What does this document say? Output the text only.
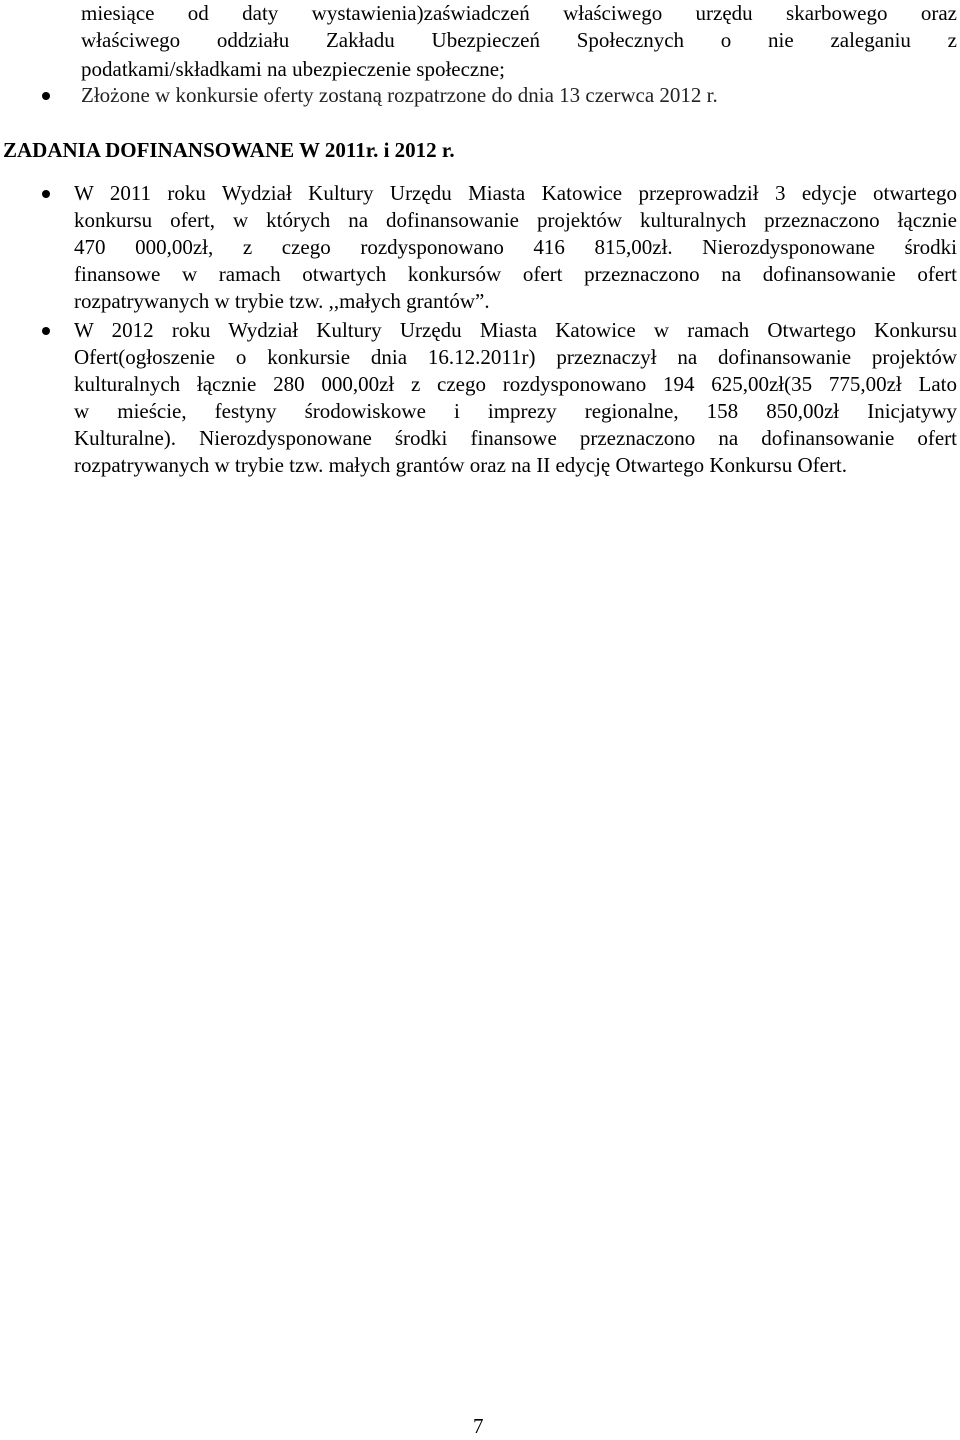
miesiące od daty wystawienia)zaświadczeń właściwego urzędu skarbowego oraz
właściwego oddziału Zakładu Ubezpieczeń Społecznych o nie zaleganiu z
podatkami/składkami na ubezpieczenie społeczne;
Złożone w konkursie oferty zostaną rozpatrzone do dnia 13 czerwca 2012 r.
ZADANIA DOFINANSOWANE W 2011r. i 2012 r.
W 2011 roku Wydział Kultury Urzędu Miasta Katowice przeprowadził 3 edycje otwartego
konkursu ofert, w których na dofinansowanie projektów kulturalnych przeznaczono łącznie
470 000,00zł, z czego rozdysponowano 416 815,00zł. Nierozdysponowane środki
finansowe w ramach otwartych konkursów ofert przeznaczono na dofinansowanie ofert
rozpatrywanych w trybie tzw. ,,małych grantów”.
W 2012 roku Wydział Kultury Urzędu Miasta Katowice w ramach Otwartego Konkursu
Ofert(ogłoszenie o konkursie dnia 16.12.2011r) przeznaczył na dofinansowanie projektów
kulturalnych łącznie 280 000,00zł z czego rozdysponowano 194 625,00zł(35 775,00zł Lato
w mieście, festyny środowiskowe i imprezy regionalne, 158 850,00zł Inicjatywy
Kulturalne). Nierozdysponowane środki finansowe przeznaczono na dofinansowanie ofert
rozpatrywanych w trybie tzw. małych grantów oraz na II edycję Otwartego Konkursu Ofert.
7
